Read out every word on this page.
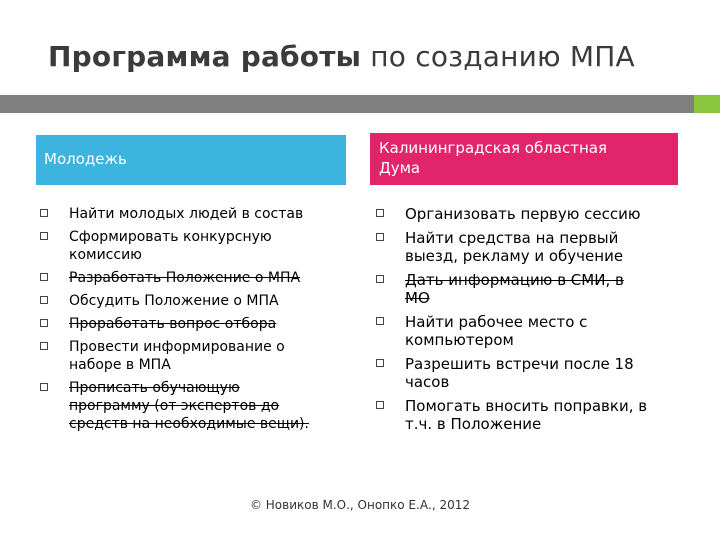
Программа работы по созданию МПА
Молодежь
Калининградская областная
Дума
Найти молодых людей в состав
Сформировать конкурсную
комиссию
Разработать Положение о МПА
Обсудить Положение о МПА
Проработать вопрос отбора
Провести информирование о
наборе в МПА
Прописать обучающую
программу (от экспертов до
средств на необходимые вещи).
Организовать первую сессию
Найти средства на первый
выезд, рекламу и обучение
Дать информацию в СМИ, в
МО
Найти рабочее место с
компьютером
Разрешить встречи после 18
часов
Помогать вносить поправки, в
т.ч. в Положение
© Новиков М.О., Онопко Е.А., 2012
